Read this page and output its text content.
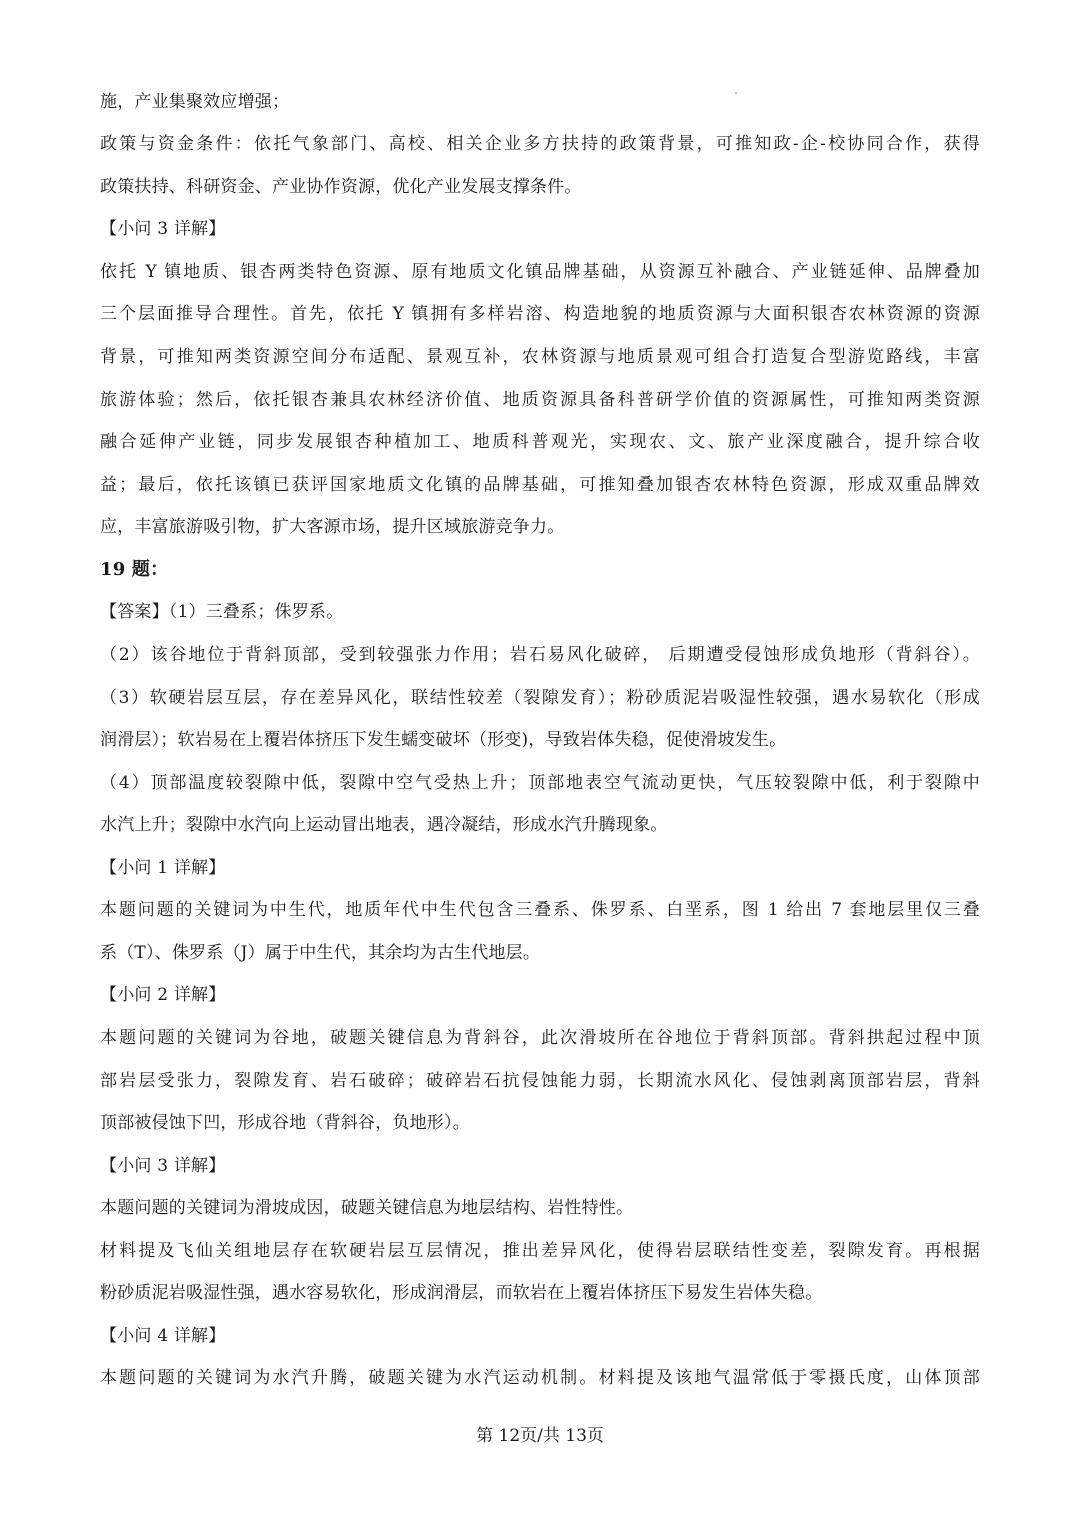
施，产业集聚效应增强；
政策与资金条件：依托气象部门、高校、相关企业多方扶持的政策背景，可推知政-企-校协同合作，获得
政策扶持、科研资金、产业协作资源，优化产业发展支撑条件。
【小问 3 详解】
依托 Y 镇地质、银杏两类特色资源、原有地质文化镇品牌基础，从资源互补融合、产业链延伸、品牌叠加
三个层面推导合理性。首先，依托 Y 镇拥有多样岩溶、构造地貌的地质资源与大面积银杏农林资源的资源
背景，可推知两类资源空间分布适配、景观互补，农林资源与地质景观可组合打造复合型游览路线，丰富
旅游体验；然后，依托银杏兼具农林经济价值、地质资源具备科普研学价值的资源属性，可推知两类资源
融合延伸产业链，同步发展银杏种植加工、地质科普观光，实现农、文、旅产业深度融合，提升综合收
益；最后，依托该镇已获评国家地质文化镇的品牌基础，可推知叠加银杏农林特色资源，形成双重品牌效
应，丰富旅游吸引物，扩大客源市场，提升区域旅游竞争力。
19 题：
【答案】（1）三叠系；侏罗系。
（2）该谷地位于背斜顶部，受到较强张力作用；岩石易风化破碎， 后期遭受侵蚀形成负地形（背斜谷）。
（3）软硬岩层互层，存在差异风化，联结性较差（裂隙发育）；粉砂质泥岩吸湿性较强，遇水易软化（形成
润滑层）；软岩易在上覆岩体挤压下发生蠕变破坏（形变)，导致岩体失稳，促使滑坡发生。
（4）顶部温度较裂隙中低，裂隙中空气受热上升；顶部地表空气流动更快，气压较裂隙中低，利于裂隙中
水汽上升；裂隙中水汽向上运动冒出地表，遇冷凝结，形成水汽升腾现象。
【小问 1 详解】
本题问题的关键词为中生代，地质年代中生代包含三叠系、侏罗系、白垩系，图 1 给出 7 套地层里仅三叠
系（T）、侏罗系（J）属于中生代，其余均为古生代地层。
【小问 2 详解】
本题问题的关键词为谷地，破题关键信息为背斜谷，此次滑坡所在谷地位于背斜顶部。背斜拱起过程中顶
部岩层受张力，裂隙发育、岩石破碎；破碎岩石抗侵蚀能力弱，长期流水风化、侵蚀剥离顶部岩层，背斜
顶部被侵蚀下凹，形成谷地（背斜谷，负地形）。
【小问 3 详解】
本题问题的关键词为滑坡成因，破题关键信息为地层结构、岩性特性。
材料提及飞仙关组地层存在软硬岩层互层情况，推出差异风化，使得岩层联结性变差，裂隙发育。再根据
粉砂质泥岩吸湿性强，遇水容易软化，形成润滑层，而软岩在上覆岩体挤压下易发生岩体失稳。
【小问 4 详解】
本题问题的关键词为水汽升腾，破题关键为水汽运动机制。材料提及该地气温常低于零摄氏度，山体顶部
第 12页/共 13页
